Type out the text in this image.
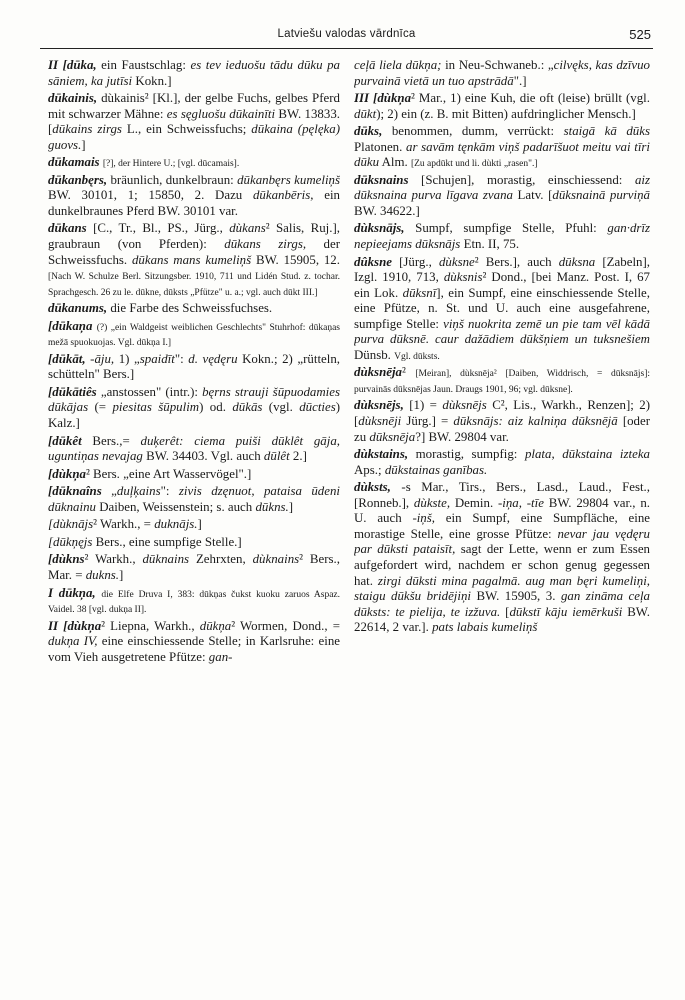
Latviešu valodas vārdnīca	525

II [dūka, ein Faustschlag: es tev ieduošu tādu dūku pa sāniem, ka jutīsi Kokn.]

dūkainis, dùkainis² [Kl.], der gelbe Fuchs, gelbes Pferd mit schwarzer Mähne: es sęgluošu dūkainīti BW. 13833. [dūkains zirgs L., ein Schweissfuchs; dūkaina (pęlęka) guovs.]

dūkamais [?], der Hintere U.; [vgl. dūcamais].

dūkanbęrs, bräunlich, dunkelbraun: dūkanbęrs kumeliņš BW. 30101, 1; 15850, 2. Dazu dūkanbēris, ein dunkelbraunes Pferd BW. 30101 var.

dūkans [C., Tr., Bl., PS., Jürg., dùkans² Salis, Ruj.], graubraun (von Pferden): dūkans zirgs, der Schweissfuchs. dūkans mans kumeliņš BW. 15905, 12. [Nach W. Schulze Berl. Sitzungsber. 1910, 711 und Lidén Stud. z. tochar. Sprachgesch. 26 zu le. dūkne, dūksts „Pfütze" u. a.; vgl. auch dūkt III.]

dūkanums, die Farbe des Schweissfuchses.

[dūkaņa (?) „ein Waldgeist weiblichen Geschlechts" Stuhrhof: dūkaņas mežā spuokuojas. Vgl. dūkņa I.]

[dūkāt, -āju, 1) „spaidīt": d. vędęru Kokn.; 2) „rütteln, schütteln" Bers.]

[dūkātiês „anstossen" (intr.): bęrns strauji šūpuodamies dūkājas (= piesitas šūpulim) od. dūkās (vgl. dūcties) Kalz.]

[dūkêt Bers.,= duķerêt: ciema puiši dūklêt gāja, uguntiņas nevajag BW. 34403. Vgl. auch dūlêt 2.]

[dùkņa² Bers. „eine Art Wasservögel".]

[dūknaîns „duļķains": zivis dzęnuot, pataisa ūdeni dūknainu Daiben, Weissenstein; s. auch dūkns.]

[dùknājs² Warkh., = duknājs.]

[dūkņęjs Bers., eine sumpfige Stelle.]

[dùkns² Warkh., dūknains Zehrxten, dùknains² Bers., Mar. = dukns.]

I dūkņa, die Elfe Druva I, 383: dūkņas čukst kuoku zaruos Aspaz. Vaidel. 38 [vgl. dukņa II].

II [dùkņa² Liepna, Warkh., dūkņa² Wormen, Dond., = dukņa IV, eine einschiessende Stelle; in Karlsruhe: eine vom Vieh ausgetretene Pfütze: gan-

ceļā liela dūkņa; in Neu-Schwaneb.: „cilvęks, kas dzīvuo purvainā vietā un tuo apstrādā".]

III [dùkņa² Mar., 1) eine Kuh, die oft (leise) brüllt (vgl. dūkt); 2) ein (z. B. mit Bitten) aufdringlicher Mensch.]

dūks, benommen, dumm, verrückt: staigā kā dūks Platonen. ar savām tęnkām viņš padarīšuot meitu vai tīri dūku Alm. [Zu apdūkt und li. dùkti „rasen".]

dūksnains [Schujen], morastig, einschiessend: aiz dūksnaina purva līgava zvana Latv. [dūksnainā purviņā BW. 34622.]

dùksnājs, Sumpf, sumpfige Stelle, Pfuhl: gan·drīz nepieejams dūksnājs Etn. II, 75.

dûksne [Jürg., dùksne² Bers.], auch dūksna [Zabeln], Izgl. 1910, 713, dùksnis² Dond., [bei Manz. Post. I, 67 ein Lok. dūksnī], ein Sumpf, eine einschiessende Stelle, eine Pfütze, n. St. und U. auch eine ausgefahrene, sumpfige Stelle: viņš nuokrita zemē un pie tam vēl kādā purva dūksnē. caur dažādiem dūkšņiem un tuksnešiem Dünsb. Vgl. dūksts.

dùksnēja² [Meiran], dùksnēja² [Daiben, Widdrisch, = dūksnājs]: purvainās dūksnējas Jaun. Draugs 1901, 96; vgl. dūksne].

dùksnējs, [1) = dùksnējs C², Lis., Warkh., Renzen]; 2) [dùksnēji Jürg.] = dūksnājs: aiz kalniņa dūksnējā [oder zu dūksnēja?] BW. 29804 var.

dùkstains, morastig, sumpfig: plata, dūkstaina izteka Aps.; dūkstainas ganības.

dùksts, -s Mar., Tirs., Bers., Lasd., Laud., Fest., [Ronneb.], dùkste, Demin. -iņa, -tīe BW. 29804 var., n. U. auch -iņš, ein Sumpf, eine Sumpfläche, eine morastige Stelle, eine grosse Pfütze: nevar jau vędęru par dūksti pataisīt, sagt der Lette, wenn er zum Essen aufgefordert wird, nachdem er schon genug gegessen hat. zirgi dūksti mina pagalmā. aug man bęri kumeliņi, staigu dūkšu bridējiņi BW. 15905, 3. gan zināma ceļa dūksts: te pielija, te izžuva. [dūkstī kāju iemērkuši BW. 22614, 2 var.]. pats labais kumeliņš
